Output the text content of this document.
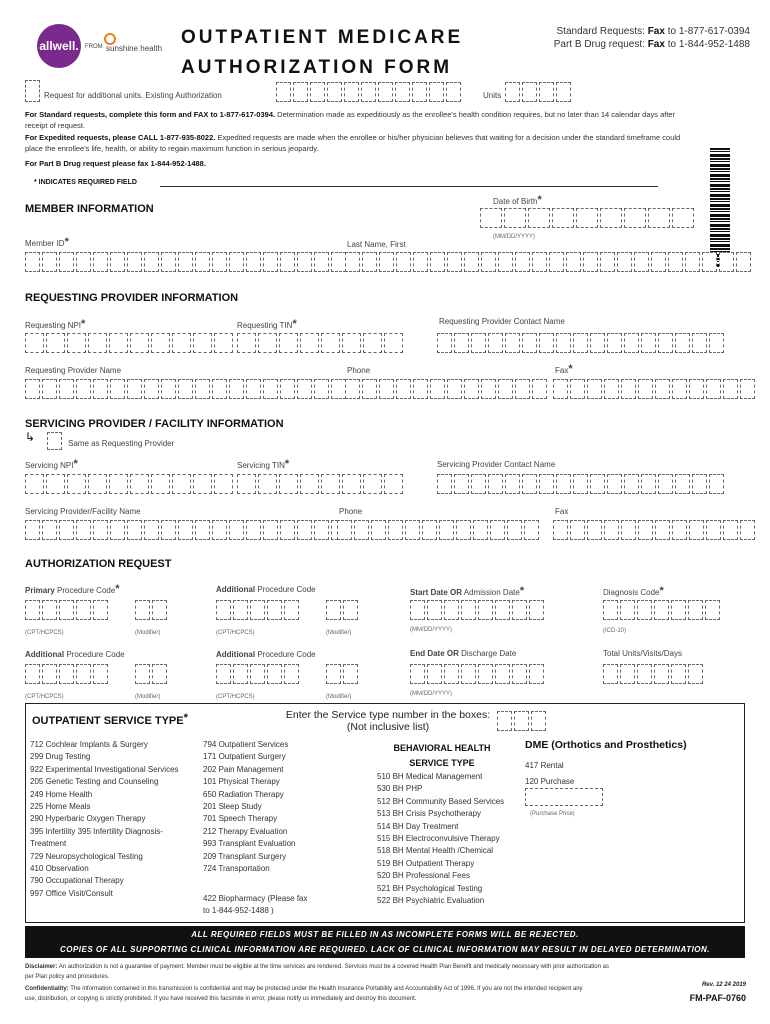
allwell. FROM sunshine health
OUTPATIENT MEDICARE
AUTHORIZATION FORM
Standard Requests: Fax to 1-877-617-0394
Part B Drug request: Fax to 1-844-952-1488
Request for additional units. Existing Authorization	Units
For Standard requests, complete this form and FAX to 1-877-617-0394. Determination made as expeditiously as the enrollee's health condition requires, but no later than 14 calendar days after receipt of request.
For Expedited requests, please CALL 1-877-935-8022. Expedited requests are made when the enrollee or his/her physician believes that waiting for a decision under the standard timeframe could place the enrollee's life, health, or ability to regain maximum function in serious jeopardy.
For Part B Drug request please fax 1-844-952-1488.
* INDICATES REQUIRED FIELD
MEMBER INFORMATION
Date of Birth*
(MM/DD/YYYY)
Member ID*	Last Name, First
REQUESTING PROVIDER INFORMATION
Requesting NPI*	Requesting TIN*	Requesting Provider Contact Name
Requesting Provider Name	Phone	Fax*
SERVICING PROVIDER / FACILITY INFORMATION
↳	Same as Requesting Provider
Servicing NPI*	Servicing TIN*	Servicing Provider Contact Name
Servicing Provider/Facility Name	Phone	Fax
AUTHORIZATION REQUEST
Primary Procedure Code*	Additional Procedure Code	Start Date OR Admission Date*	Diagnosis Code*
(CPT/HCPCS)	(Modifier)	(CPT/HCPCS)	(Modifier)	(MM/DD/YYYY)	(ICD-10)
Additional Procedure Code	Additional Procedure Code	End Date OR Discharge Date	Total Units/Visits/Days
(CPT/HCPCS)	(Modifier)	(CPT/HCPCS)	(Modifier)	(MM/DD/YYYY)
OUTPATIENT SERVICE TYPE*	Enter the Service type number in the boxes:
(Not inclusive list)
712 Cochlear Implants & Surgery
299 Drug Testing
922 Experimental Investigational Services
205 Genetic Testing and Counseling
249 Home Health
225 Home Meals
290 Hyperbaric Oxygen Therapy
395 Infertility 395 Infertility Diagnosis-
Treatment
729 Neuropsychological Testing
410 Observation
790 Occupational Therapy
997 Office Visit/Consult
794 Outpatient Services
171 Outpatient Surgery
202 Pain Management
101 Physical Therapy
650 Radiation Therapy
201 Sleep Study
701 Speech Therapy
212 Therapy Evaluation
993 Transplant Evaluation
209 Transplant Surgery
724 Transportation
422 Biopharmacy (Please fax
to 1-844-952-1488 )
BEHAVIORAL HEALTH
SERVICE TYPE
510 BH Medical Management
530 BH PHP
512 BH Community Based Services
513 BH Crisis Psychotherapy
514 BH Day Treatment
515 BH Electroconvulsive Therapy
518 BH Mental Health /Chemical
519 BH Outpatient Therapy
520 BH Professional Fees
521 BH Psychological Testing
522 BH Psychiatric Evaluation
DME (Orthotics and Prosthetics)
417 Rental
120 Purchase
(Purchase Price)
ALL REQUIRED FIELDS MUST BE FILLED IN AS INCOMPLETE FORMS WILL BE REJECTED.
COPIES OF ALL SUPPORTING CLINICAL INFORMATION ARE REQUIRED. LACK OF CLINICAL INFORMATION MAY RESULT IN DELAYED DETERMINATION.
Disclaimer: An authorization is not a guarantee of payment. Member must be eligible at the time services are rendered. Services must be a covered Health Plan Benefit and medically necessary with prior authorization as per Plan policy and procedures.
Confidentiality: The information contained in this transmission is confidential and may be protected under the Health Insurance Portability and Accountability Act of 1996. If you are not the intended recipient any use, distribution, or copying is strictly prohibited. If you have received this facsimile in error, please notify us immediately and destroy this document.
Rev. 12 24 2019
FM-PAF-0760
